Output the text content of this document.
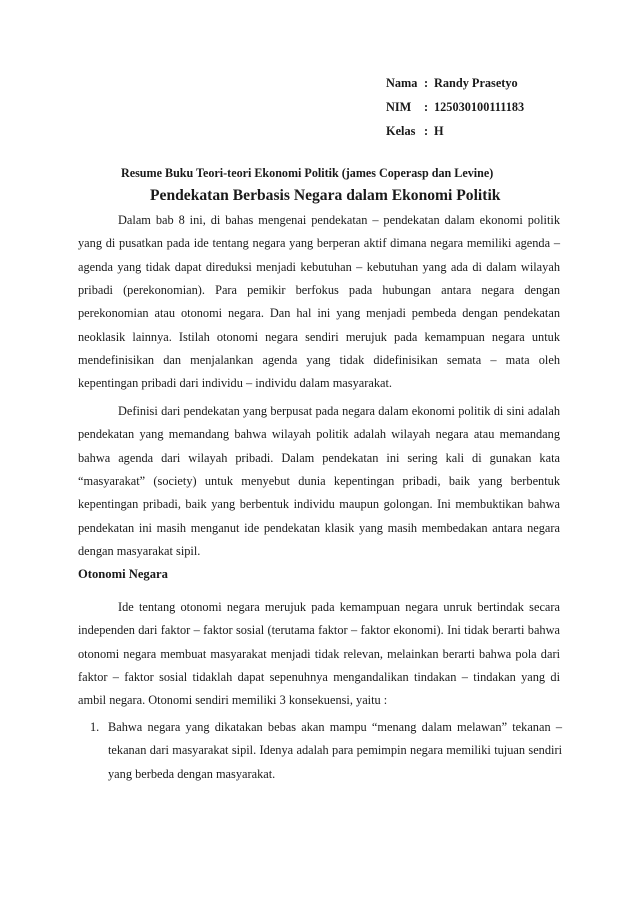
Nama : Randy Prasetyo
NIM	: 125030100111183
Kelas : H
Resume Buku Teori-teori Ekonomi Politik (james Coperasp dan Levine)
Pendekatan Berbasis Negara dalam Ekonomi Politik

Dalam bab 8 ini, di bahas mengenai pendekatan – pendekatan dalam ekonomi politik yang di pusatkan pada ide tentang negara yang berperan aktif dimana negara memiliki agenda – agenda yang tidak dapat direduksi menjadi kebutuhan – kebutuhan yang ada di dalam wilayah pribadi (perekonomian). Para pemikir berfokus pada hubungan antara negara dengan perekonomian atau otonomi negara. Dan hal ini yang menjadi pembeda dengan pendekatan neoklasik lainnya. Istilah otonomi negara sendiri merujuk pada kemampuan negara untuk mendefinisikan dan menjalankan agenda yang tidak didefinisikan semata – mata oleh kepentingan pribadi dari individu – individu dalam masyarakat.

Definisi dari pendekatan yang berpusat pada negara dalam ekonomi politik di sini adalah pendekatan yang memandang bahwa wilayah politik adalah wilayah negara atau memandang bahwa agenda dari wilayah pribadi. Dalam pendekatan ini sering kali di gunakan kata “masyarakat” (society) untuk menyebut dunia kepentingan pribadi, baik yang berbentuk kepentingan pribadi, baik yang berbentuk individu maupun golongan. Ini membuktikan bahwa pendekatan ini masih menganut ide pendekatan klasik yang masih membedakan antara negara dengan masyarakat sipil.

Otonomi Negara

Ide tentang otonomi negara merujuk pada kemampuan negara unruk bertindak secara independen dari faktor – faktor sosial (terutama faktor – faktor ekonomi). Ini tidak berarti bahwa otonomi negara membuat masyarakat menjadi tidak relevan, melainkan berarti bahwa pola dari faktor – faktor sosial tidaklah dapat sepenuhnya mengandalikan tindakan – tindakan yang di ambil negara. Otonomi sendiri memiliki 3 konsekuensi, yaitu :

1. Bahwa negara yang dikatakan bebas akan mampu “menang dalam melawan” tekanan – tekanan dari masyarakat sipil. Idenya adalah para pemimpin negara memiliki tujuan sendiri yang berbeda dengan masyarakat.
